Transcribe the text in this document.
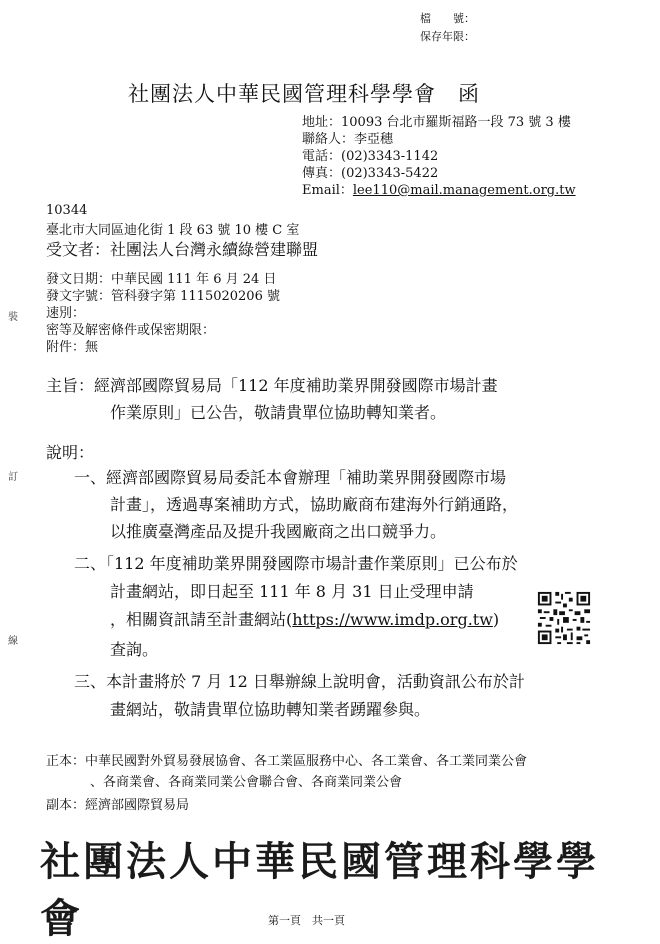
檔　　號：
保存年限：
社團法人中華民國管理科學學會　函
地址：10093 台北市羅斯福路一段 73 號 3 樓
聯絡人：李亞穗
電話：(02)3343-1142
傳真：(02)3343-5422
Email：lee110@mail.management.org.tw
10344
臺北市大同區迪化街 1 段 63 號 10 樓 C 室
受文者：社團法人台灣永續綠營建聯盟
發文日期：中華民國 111 年 6 月 24 日
發文字號：管科發字第 1115020206 號
速別：
密等及解密條件或保密期限：
附件：無
裝
訂
線
主旨：經濟部國際貿易局「112 年度補助業界開發國際市場計畫
作業原則」已公告，敬請貴單位協助轉知業者。
說明：
一、經濟部國際貿易局委託本會辦理「補助業界開發國際市場
計畫」，透過專案補助方式，協助廠商布建海外行銷通路，
以推廣臺灣產品及提升我國廠商之出口競爭力。
二、「112 年度補助業界開發國際市場計畫作業原則」已公布於
計畫網站，即日起至 111 年 8 月 31 日止受理申請
，相關資訊請至計畫網站(https://www.imdp.org.tw)
查詢。
三、本計畫將於 7 月 12 日舉辦線上說明會，活動資訊公布於計
畫網站，敬請貴單位協助轉知業者踴躍參與。
正本：中華民國對外貿易發展協會、各工業區服務中心、各工業會、各工業同業公會
、各商業會、各商業同業公會聯合會、各商業同業公會
副本：經濟部國際貿易局
社團法人中華民國管理科學學會	第一頁　共一頁
